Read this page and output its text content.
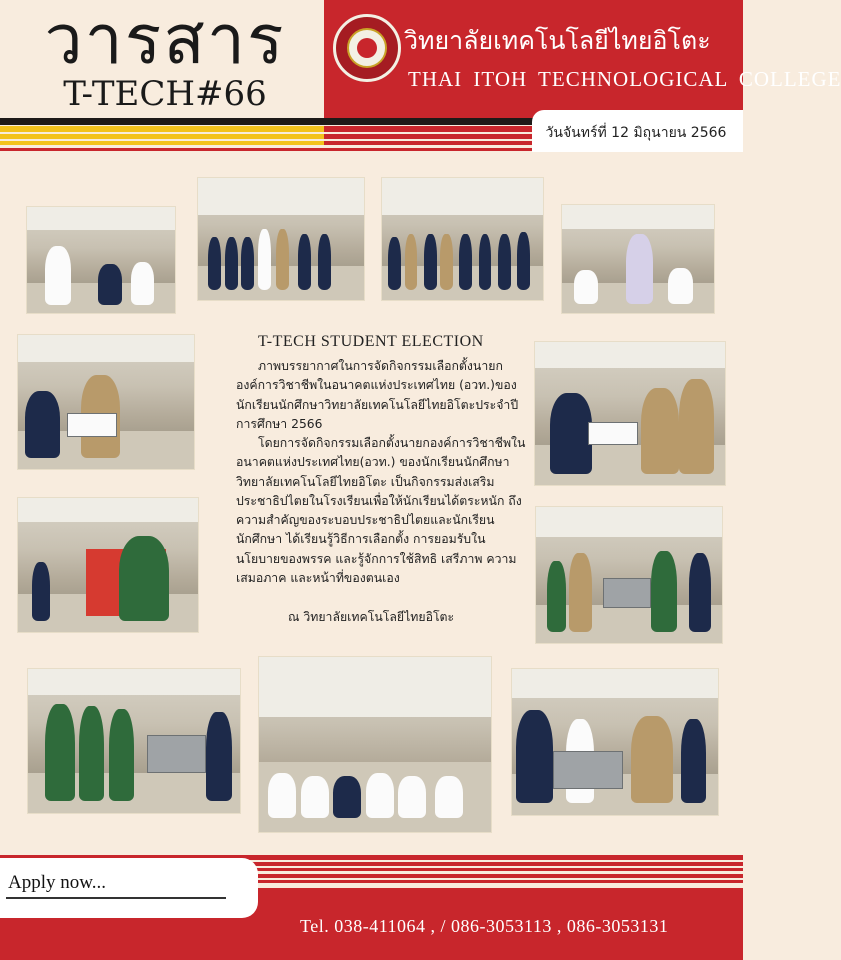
วารสาร
T-TECH#66
วิทยาลัยเทคโนโลยีไทยอิโตะ
THAI ITOH TECHNOLOGICAL COLLEGE
วันจันทร์ที่ 12 มิถุนายน 2566
T-TECH STUDENT ELECTION

ภาพบรรยากาศในการจัดกิจกรรมเลือกตั้งนายกองค์การวิชาชีพในอนาคตแห่งประเทศไทย (อวท.)ของนักเรียนนักศึกษาวิทยาลัยเทคโนโลยีไทยอิโตะประจำปีการศึกษา 2566

โดยการจัดกิจกรรมเลือกตั้งนายกองค์การวิชาชีพในอนาคตแห่งประเทศไทย(อวท.) ของนักเรียนนักศึกษา วิทยาลัยเทคโนโลยีไทยอิโตะ เป็นกิจกรรมส่งเสริมประชาธิปไตยในโรงเรียนเพื่อให้นักเรียนได้ตระหนัก ถึงความสำคัญของระบอบประชาธิปไตยและนักเรียนนักศึกษา ได้เรียนรู้วิธีการเลือกตั้ง การยอมรับในนโยบายของพรรค และรู้จักการใช้สิทธิ เสรีภาพ ความเสมอภาค และหน้าที่ของตนเอง

ณ วิทยาลัยเทคโนโลยีไทยอิโตะ

Apply now...
Tel. 038-411064 , / 086-3053113 , 086-3053131
